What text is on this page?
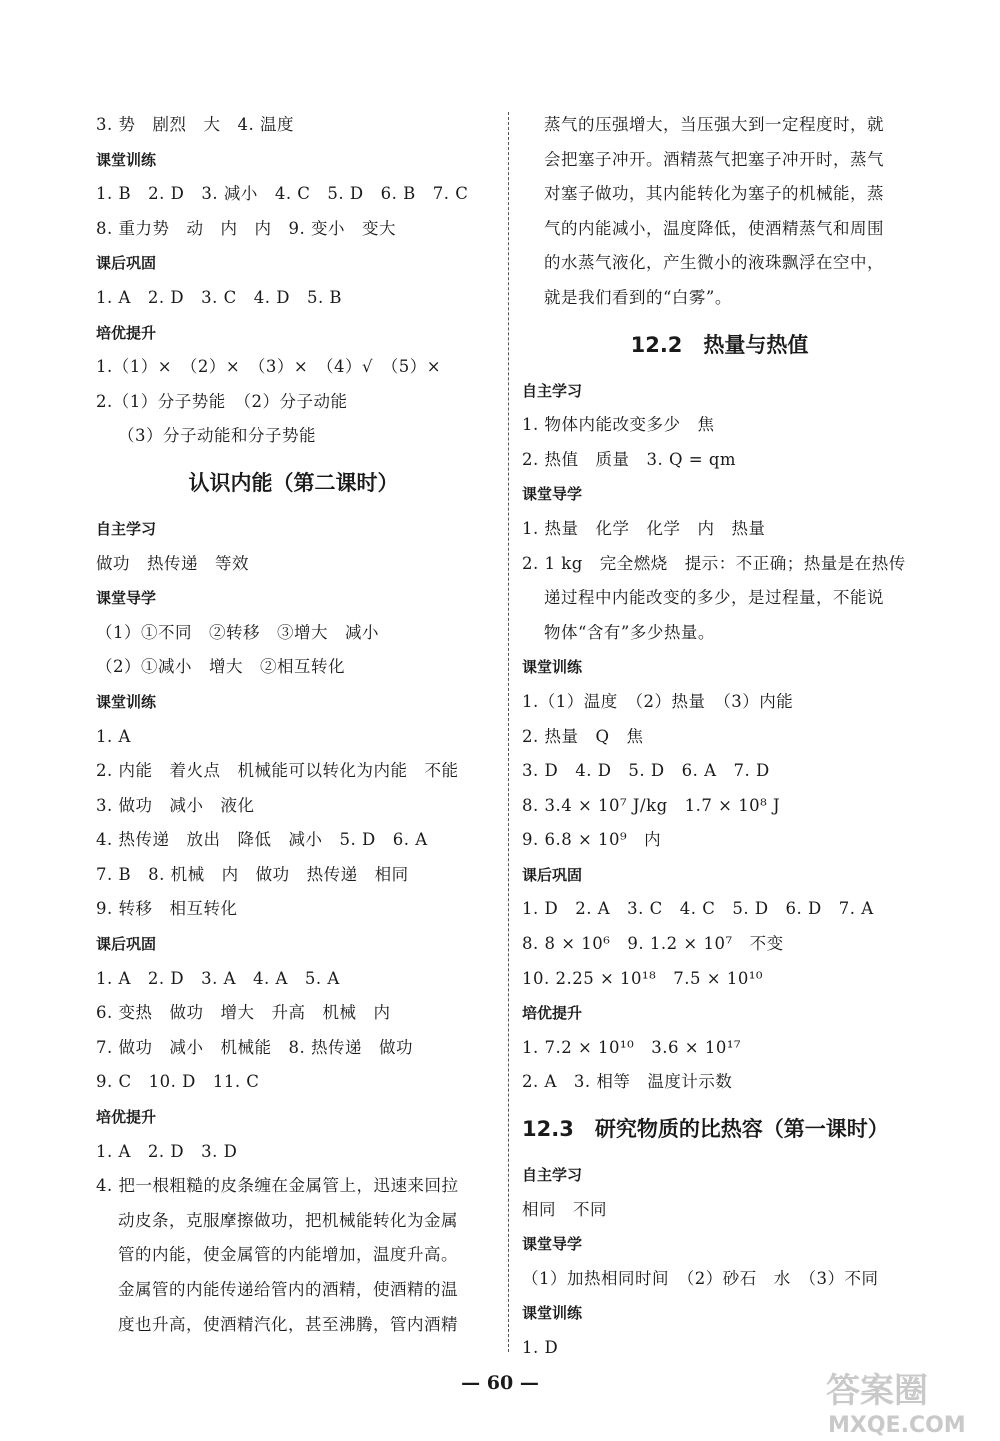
3. 势　剧烈　大　4. 温度
课堂训练
1. B　2. D　3. 减小　4. C　5. D　6. B　7. C
8. 重力势　动　内　内　9. 变小　变大
课后巩固
1. A　2. D　3. C　4. D　5. B
培优提升
1.（1）×　（2）×　（3）×　（4）√　（5）×
2.（1）分子势能　（2）分子动能
（3）分子动能和分子势能
认识内能（第二课时）
自主学习
做功　热传递　等效
课堂导学
（1）①不同　②转移　③增大　减小
（2）①减小　增大　②相互转化
课堂训练
1. A
2. 内能　着火点　机械能可以转化为内能　不能
3. 做功　减小　液化
4. 热传递　放出　降低　减小　5. D　6. A
7. B　8. 机械　内　做功　热传递　相同
9. 转移　相互转化
课后巩固
1. A　2. D　3. A　4. A　5. A
6. 变热　做功　增大　升高　机械　内
7. 做功　减小　机械能　8. 热传递　做功
9. C　10. D　11. C
培优提升
1. A　2. D　3. D
4. 把一根粗糙的皮条缠在金属管上，迅速来回拉
动皮条，克服摩擦做功，把机械能转化为金属
管的内能，使金属管的内能增加，温度升高。
金属管的内能传递给管内的酒精，使酒精的温
度也升高，使酒精汽化，甚至沸腾，管内酒精
蒸气的压强增大，当压强大到一定程度时，就
会把塞子冲开。酒精蒸气把塞子冲开时，蒸气
对塞子做功，其内能转化为塞子的机械能，蒸
气的内能减小，温度降低，使酒精蒸气和周围
的水蒸气液化，产生微小的液珠飘浮在空中，
就是我们看到的“白雾”。
12.2　热量与热值
自主学习
1. 物体内能改变多少　焦
2. 热值　质量　3. Q = qm
课堂导学
1. 热量　化学　化学　内　热量
2. 1 kg　完全燃烧　提示：不正确；热量是在热传
递过程中内能改变的多少，是过程量，不能说
物体“含有”多少热量。
课堂训练
1.（1）温度　（2）热量　（3）内能
2. 热量　Q　焦
3. D　4. D　5. D　6. A　7. D
8. 3.4 × 10⁷ J/kg　1.7 × 10⁸ J
9. 6.8 × 10⁹　内
课后巩固
1. D　2. A　3. C　4. C　5. D　6. D　7. A
8. 8 × 10⁶　9. 1.2 × 10⁷　不变
10. 2.25 × 10¹⁸　7.5 × 10¹⁰
培优提升
1. 7.2 × 10¹⁰　3.6 × 10¹⁷
2. A　3. 相等　温度计示数
12.3　研究物质的比热容（第一课时）
自主学习
相同　不同
课堂导学
（1）加热相同时间　（2）砂石　水　（3）不同
课堂训练
1. D
— 60 —	答案圈
MXQE.COM
